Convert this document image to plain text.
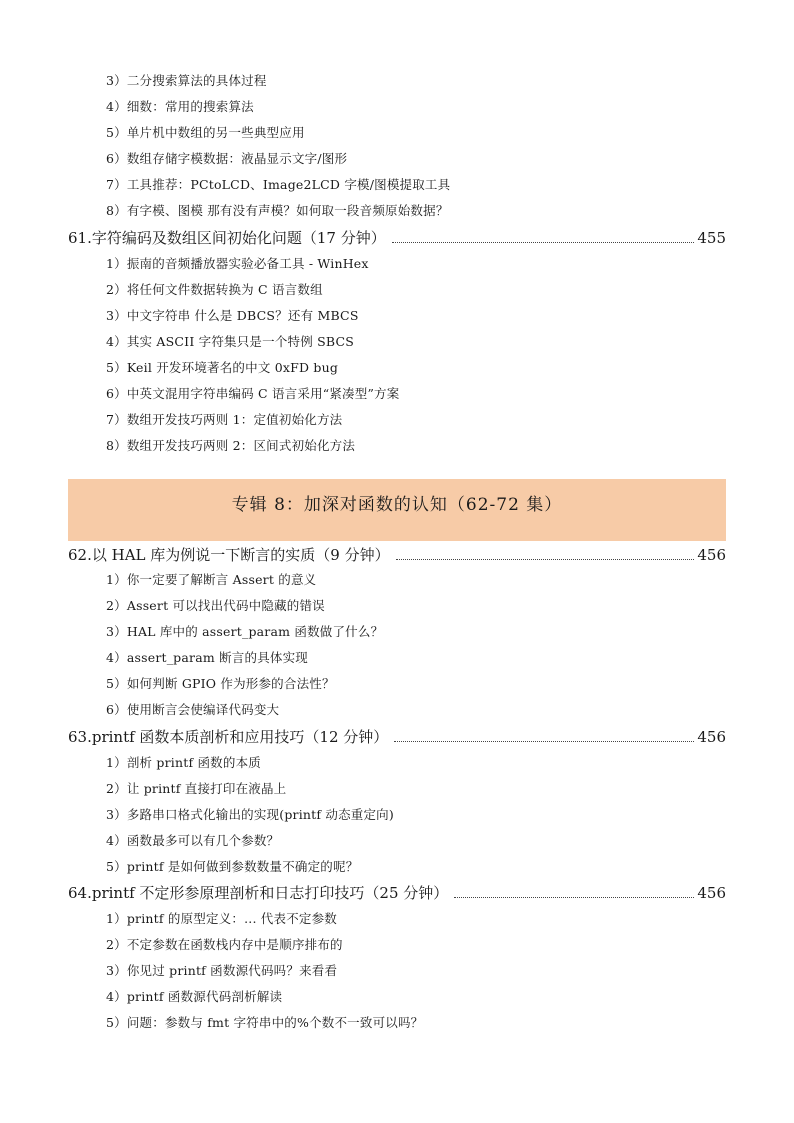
3）二分搜索算法的具体过程
4）细数：常用的搜索算法
5）单片机中数组的另一些典型应用
6）数组存储字模数据：液晶显示文字/图形
7）工具推荐：PCtoLCD、Image2LCD 字模/图模提取工具
8）有字模、图模 那有没有声模？如何取一段音频原始数据？
61.字符编码及数组区间初始化问题（17 分钟）	455
1）振南的音频播放器实验必备工具 - WinHex
2）将任何文件数据转换为 C 语言数组
3）中文字符串 什么是 DBCS？还有 MBCS
4）其实 ASCII 字符集只是一个特例 SBCS
5）Keil 开发环境著名的中文 0xFD bug
6）中英文混用字符串编码 C 语言采用“紧凑型”方案
7）数组开发技巧两则 1：定值初始化方法
8）数组开发技巧两则 2：区间式初始化方法
专辑 8：加深对函数的认知（62-72 集）
62.以 HAL 库为例说一下断言的实质（9 分钟）	456
1）你一定要了解断言 Assert 的意义
2）Assert 可以找出代码中隐藏的错误
3）HAL 库中的 assert_param 函数做了什么？
4）assert_param 断言的具体实现
5）如何判断 GPIO 作为形参的合法性？
6）使用断言会使编译代码变大
63.printf 函数本质剖析和应用技巧（12 分钟）	456
1）剖析 printf 函数的本质
2）让 printf 直接打印在液晶上
3）多路串口格式化输出的实现(printf 动态重定向)
4）函数最多可以有几个参数？
5）printf 是如何做到参数数量不确定的呢？
64.printf 不定形参原理剖析和日志打印技巧（25 分钟）	456
1）printf 的原型定义：... 代表不定参数
2）不定参数在函数栈内存中是顺序排布的
3）你见过 printf 函数源代码吗？来看看
4）printf 函数源代码剖析解读
5）问题：参数与 fmt 字符串中的%个数不一致可以吗？
